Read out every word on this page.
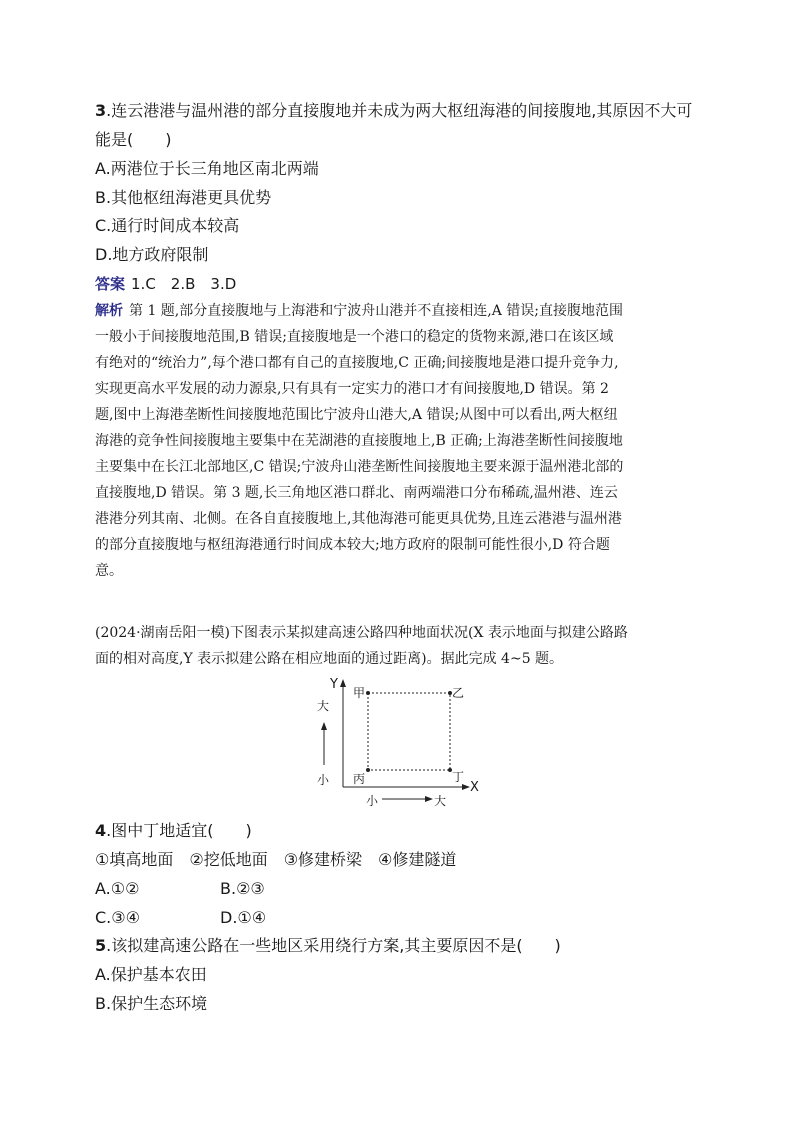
3.连云港港与温州港的部分直接腹地并未成为两大枢纽海港的间接腹地,其原因不大可
能是(　　)
A.两港位于长三角地区南北两端
B.其他枢纽海港更具优势
C.通行时间成本较高
D.地方政府限制
答案 1.C　2.B　3.D
解析 第 1 题,部分直接腹地与上海港和宁波舟山港并不直接相连,A 错误;直接腹地范围
一般小于间接腹地范围,B 错误;直接腹地是一个港口的稳定的货物来源,港口在该区域
有绝对的“统治力”,每个港口都有自己的直接腹地,C 正确;间接腹地是港口提升竞争力,
实现更高水平发展的动力源泉,只有具有一定实力的港口才有间接腹地,D 错误。第 2
题,图中上海港垄断性间接腹地范围比宁波舟山港大,A 错误;从图中可以看出,两大枢纽
海港的竞争性间接腹地主要集中在芜湖港的直接腹地上,B 正确;上海港垄断性间接腹地
主要集中在长江北部地区,C 错误;宁波舟山港垄断性间接腹地主要来源于温州港北部的
直接腹地,D 错误。第 3 题,长三角地区港口群北、南两端港口分布稀疏,温州港、连云
港港分列其南、北侧。在各自直接腹地上,其他海港可能更具优势,且连云港港与温州港
的部分直接腹地与枢纽海港通行时间成本较大;地方政府的限制可能性很小,D 符合题
意。
(2024·湖南岳阳一模)下图表示某拟建高速公路四种地面状况(X 表示地面与拟建公路路
面的相对高度,Y 表示拟建公路在相应地面的通过距离)。据此完成 4~5 题。
Y
X
大
小
小	大
甲	乙
丙	丁
4.图中丁地适宜(　　)
①填高地面　②挖低地面　③修建桥梁　④修建隧道
A.①②	B.②③
C.③④	D.①④
5.该拟建高速公路在一些地区采用绕行方案,其主要原因不是(　　)
A.保护基本农田
B.保护生态环境
